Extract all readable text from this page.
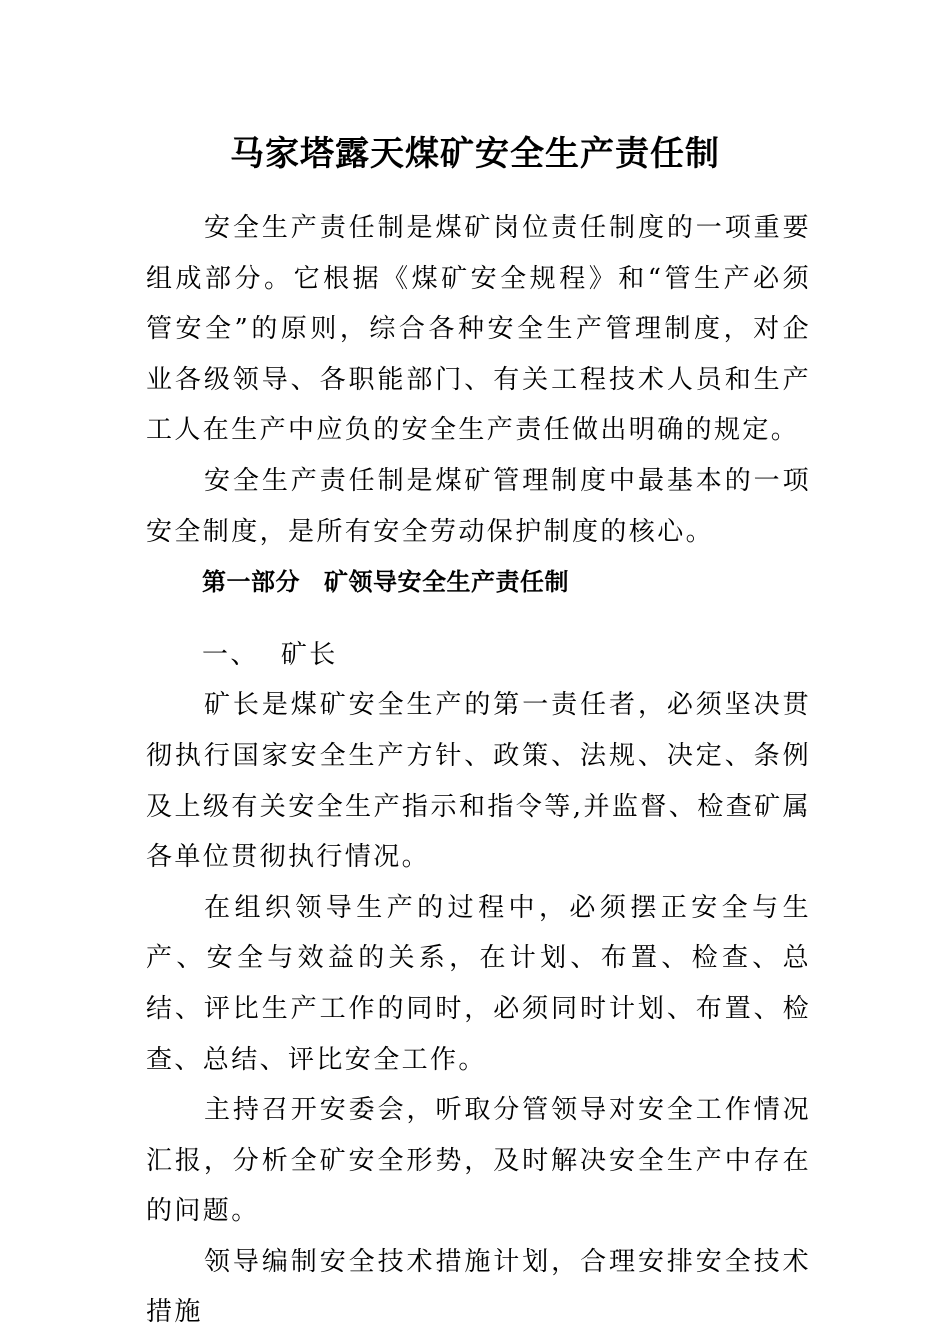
马家塔露天煤矿安全生产责任制

安全生产责任制是煤矿岗位责任制度的一项重要组成部分。它根据《煤矿安全规程》和“管生产必须管安全”的原则，综合各种安全生产管理制度，对企业各级领导、各职能部门、有关工程技术人员和生产工人在生产中应负的安全生产责任做出明确的规定。

安全生产责任制是煤矿管理制度中最基本的一项安全制度，是所有安全劳动保护制度的核心。

第一部分 矿领导安全生产责任制

一、 矿长

矿长是煤矿安全生产的第一责任者，必须坚决贯彻执行国家安全生产方针、政策、法规、决定、条例及上级有关安全生产指示和指令等,并监督、检查矿属各单位贯彻执行情况。

在组织领导生产的过程中，必须摆正安全与生产、安全与效益的关系，在计划、布置、检查、总结、评比生产工作的同时，必须同时计划、布置、检查、总结、评比安全工作。

主持召开安委会，听取分管领导对安全工作情况汇报，分析全矿安全形势，及时解决安全生产中存在的问题。

领导编制安全技术措施计划，合理安排安全技术措施
